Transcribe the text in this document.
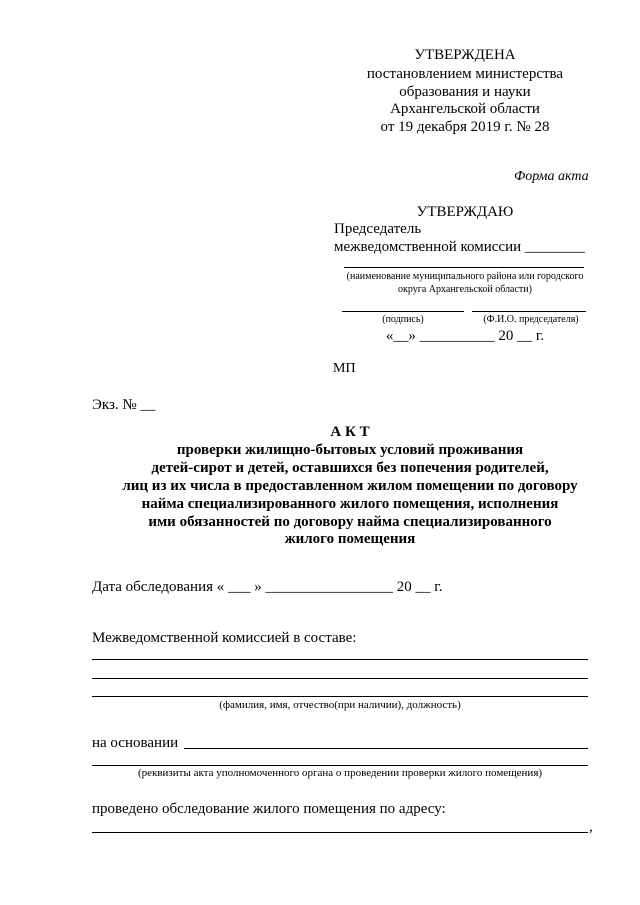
УТВЕРЖДЕНА
постановлением министерства
образования и науки
Архангельской области
от 19 декабря 2019 г. № 28
Форма акта
УТВЕРЖДАЮ
Председатель
межведомственной комиссии ________
(наименование муниципального района или городского
округа Архангельской области)
(подпись)	(Ф.И.О. председателя)
«__» __________ 20 __ г.
МП
Экз. № __
А К Т
проверки жилищно-бытовых условий проживания
детей-сирот и детей, оставшихся без попечения родителей,
лиц из их числа в предоставленном жилом помещении по договору
найма специализированного жилого помещения, исполнения
ими обязанностей по договору найма специализированного
жилого помещения
Дата обследования « ___ » _________________ 20 __ г.
Межведомственной комиссией в составе:
(фамилия, имя, отчество(при наличии), должность)
на основании
(реквизиты акта уполномоченного органа о проведении проверки жилого помещения)
проведено обследование жилого помещения по адресу:
,
